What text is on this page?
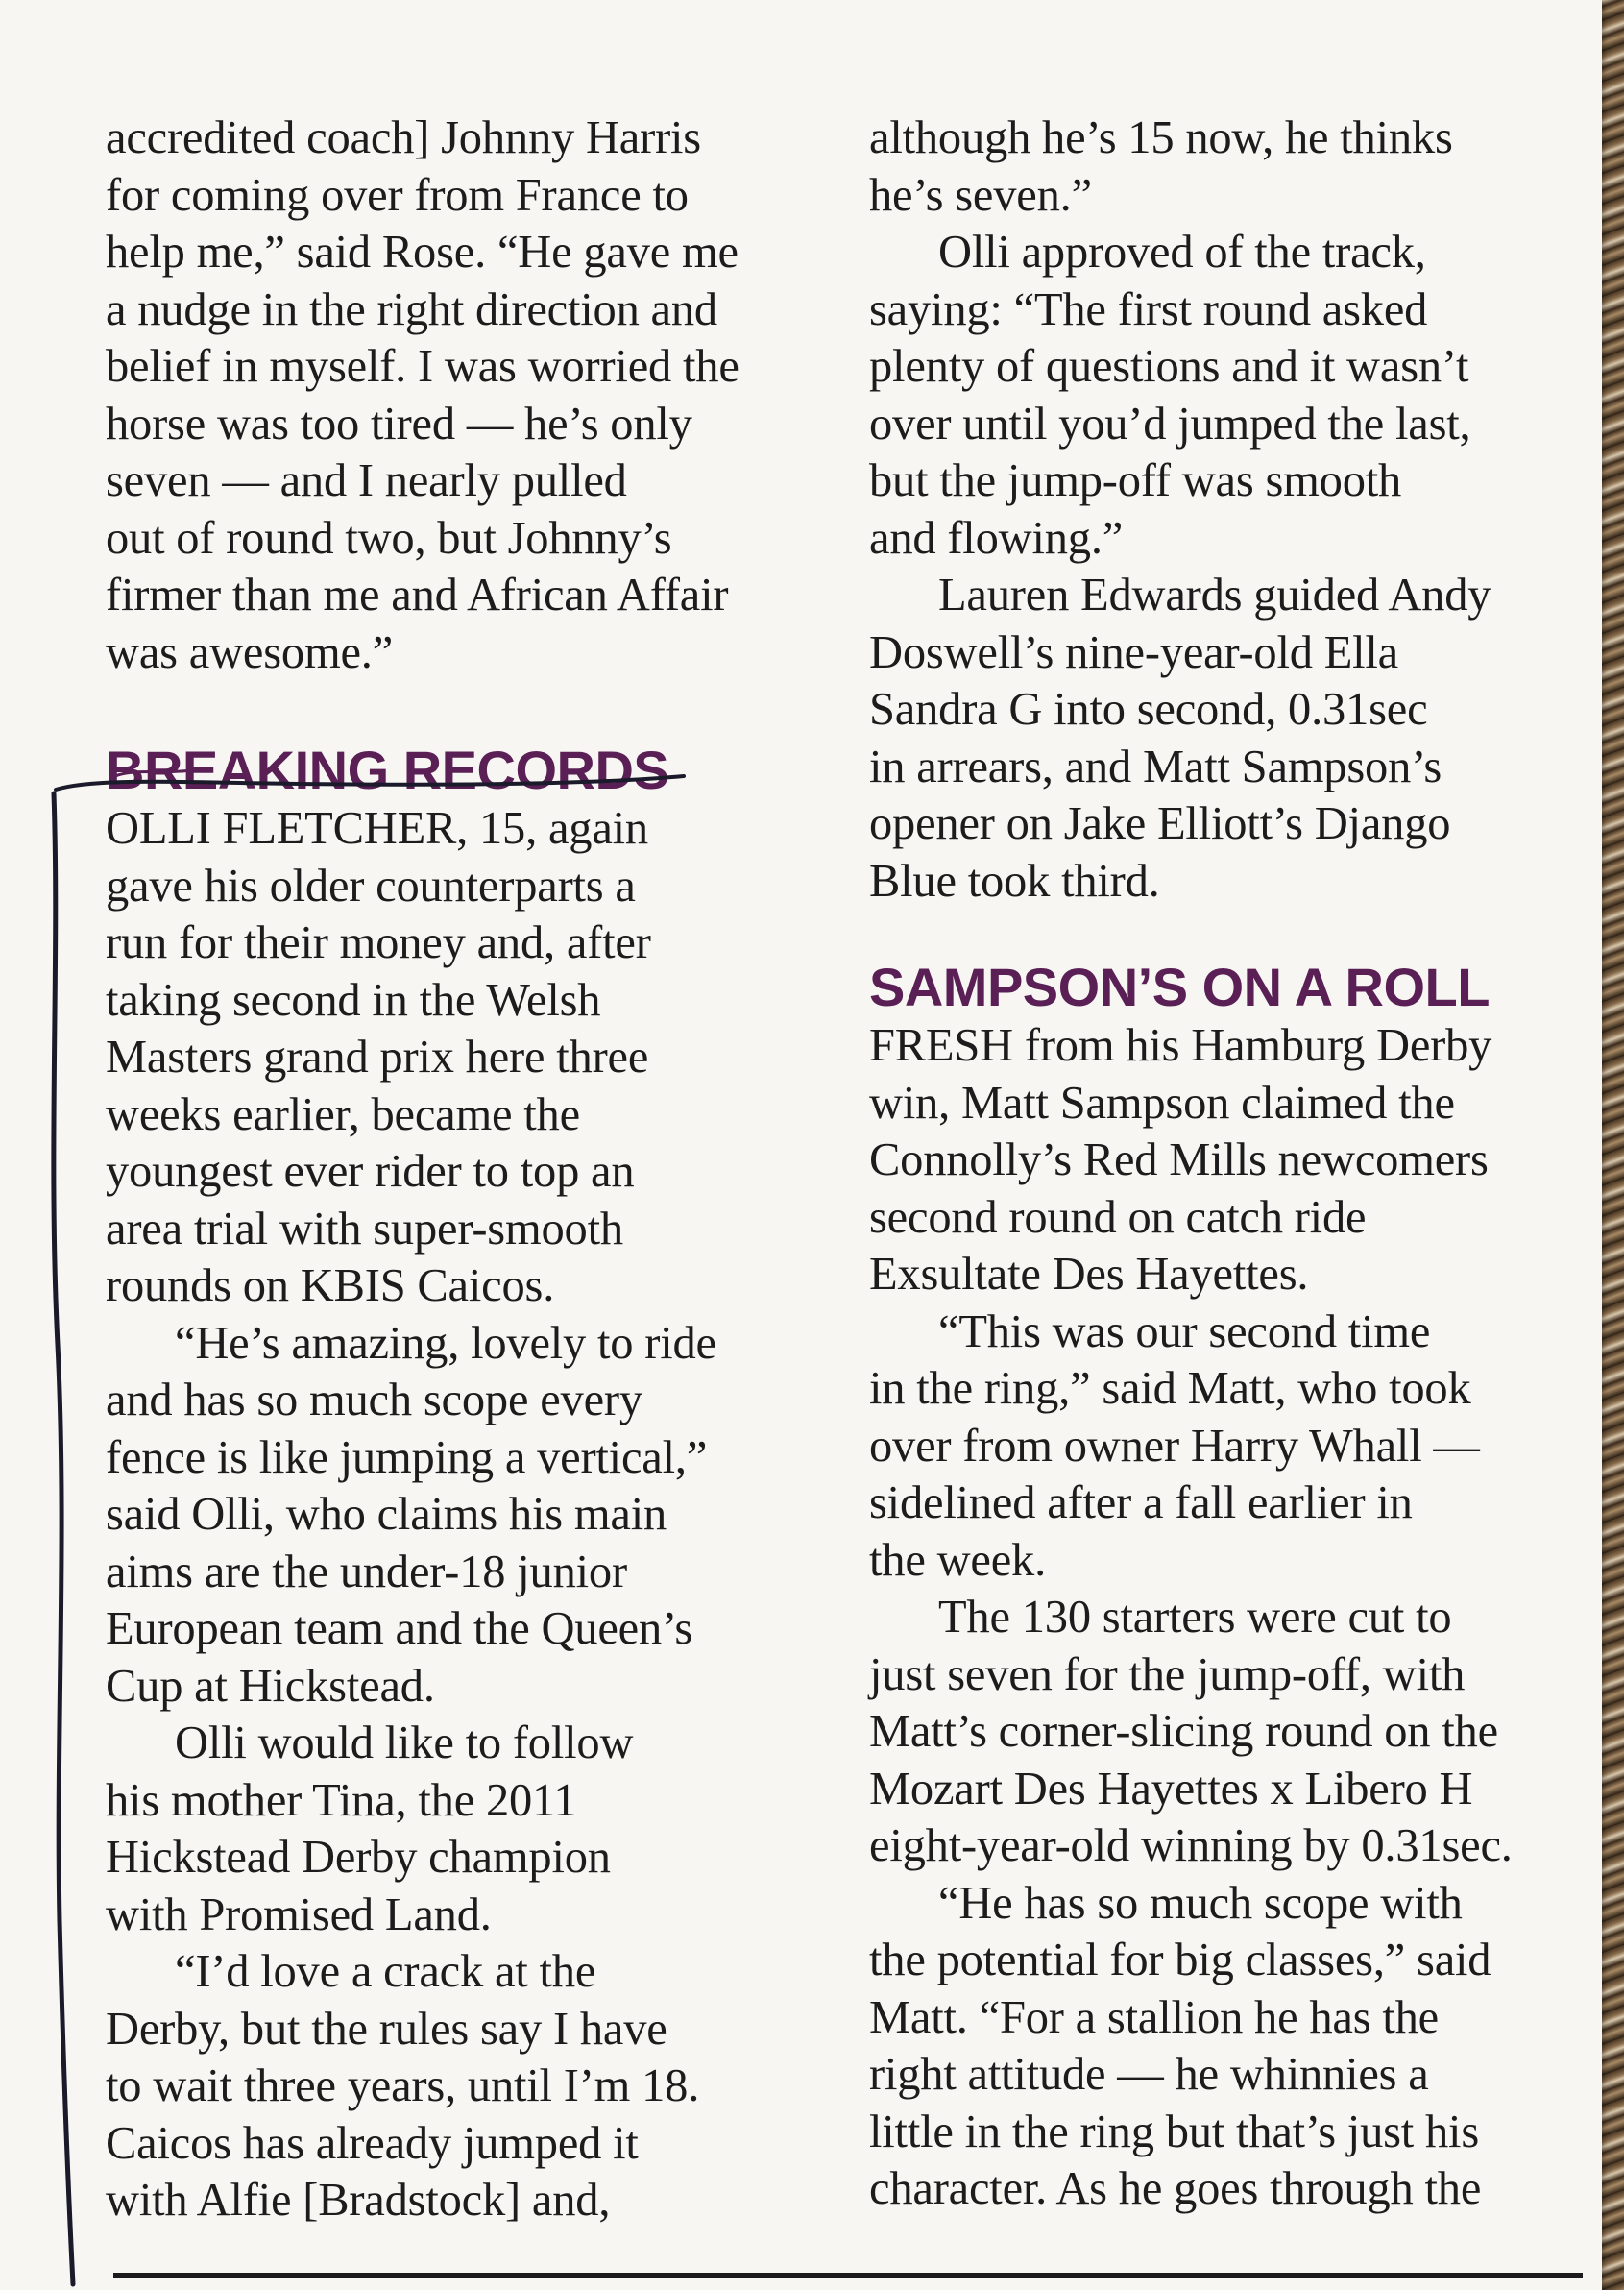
accredited coach] Johnny Harris
for coming over from France to
help me,” said Rose. “He gave me
a nudge in the right direction and
belief in myself. I was worried the
horse was too tired — he’s only
seven — and I nearly pulled
out of round two, but Johnny’s
firmer than me and African Affair
was awesome.”
BREAKING RECORDS
OLLI FLETCHER, 15, again
gave his older counterparts a
run for their money and, after
taking second in the Welsh
Masters grand prix here three
weeks earlier, became the
youngest ever rider to top an
area trial with super-smooth
rounds on KBIS Caicos.
“He’s amazing, lovely to ride
and has so much scope every
fence is like jumping a vertical,”
said Olli, who claims his main
aims are the under-18 junior
European team and the Queen’s
Cup at Hickstead.
Olli would like to follow
his mother Tina, the 2011
Hickstead Derby champion
with Promised Land.
“I’d love a crack at the
Derby, but the rules say I have
to wait three years, until I’m 18.
Caicos has already jumped it
with Alfie [Bradstock] and,
although he’s 15 now, he thinks
he’s seven.”
Olli approved of the track,
saying: “The first round asked
plenty of questions and it wasn’t
over until you’d jumped the last,
but the jump-off was smooth
and flowing.”
Lauren Edwards guided Andy
Doswell’s nine-year-old Ella
Sandra G into second, 0.31sec
in arrears, and Matt Sampson’s
opener on Jake Elliott’s Django
Blue took third.
SAMPSON’S ON A ROLL
FRESH from his Hamburg Derby
win, Matt Sampson claimed the
Connolly’s Red Mills newcomers
second round on catch ride
Exsultate Des Hayettes.
“This was our second time
in the ring,” said Matt, who took
over from owner Harry Whall —
sidelined after a fall earlier in
the week.
The 130 starters were cut to
just seven for the jump-off, with
Matt’s corner-slicing round on the
Mozart Des Hayettes x Libero H
eight-year-old winning by 0.31sec.
“He has so much scope with
the potential for big classes,” said
Matt. “For a stallion he has the
right attitude — he whinnies a
little in the ring but that’s just his
character. As he goes through the
